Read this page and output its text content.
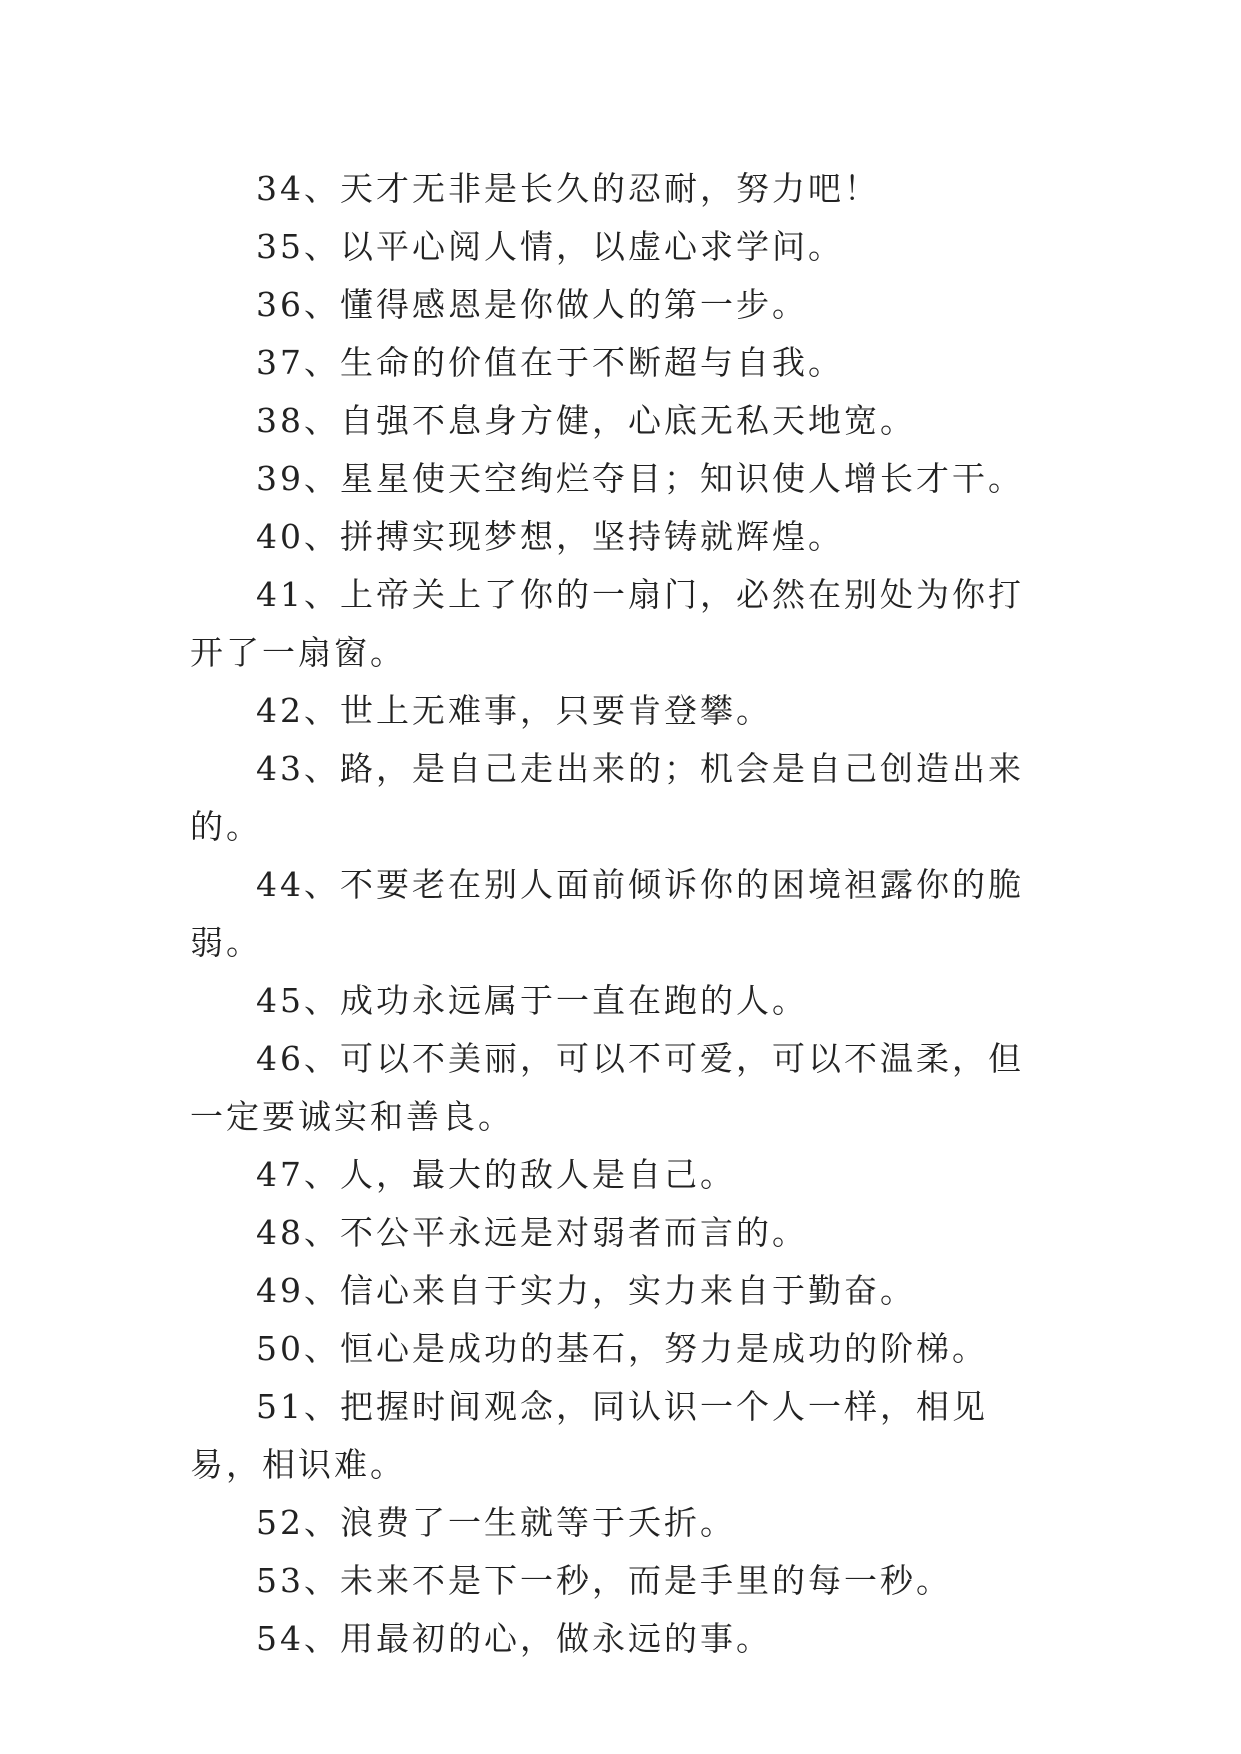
34、天才无非是长久的忍耐，努力吧！

35、以平心阅人情，以虚心求学问。

36、懂得感恩是你做人的第一步。

37、生命的价值在于不断超与自我。

38、自强不息身方健，心底无私天地宽。

39、星星使天空绚烂夺目；知识使人增长才干。

40、拼搏实现梦想，坚持铸就辉煌。

41、上帝关上了你的一扇门，必然在别处为你打开了一扇窗。

42、世上无难事，只要肯登攀。

43、路，是自己走出来的；机会是自己创造出来的。

44、不要老在别人面前倾诉你的困境袒露你的脆弱。

45、成功永远属于一直在跑的人。

46、可以不美丽，可以不可爱，可以不温柔，但一定要诚实和善良。

47、人，最大的敌人是自己。

48、不公平永远是对弱者而言的。

49、信心来自于实力，实力来自于勤奋。

50、恒心是成功的基石，努力是成功的阶梯。

51、把握时间观念，同认识一个人一样，相见易，相识难。

52、浪费了一生就等于夭折。

53、未来不是下一秒，而是手里的每一秒。

54、用最初的心，做永远的事。
